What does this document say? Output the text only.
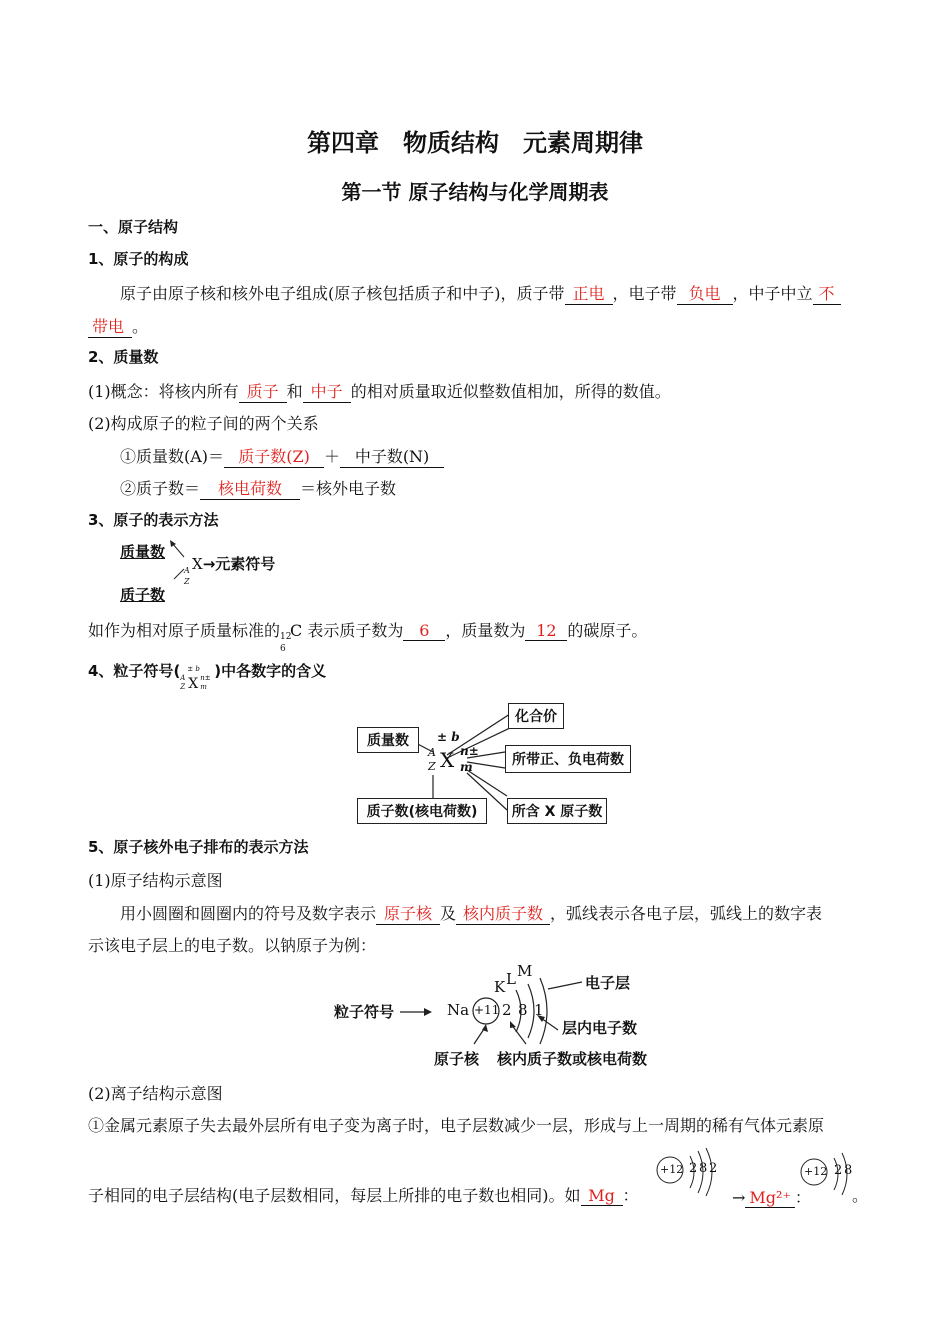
第四章　物质结构　元素周期律
第一节 原子结构与化学周期表
一、原子结构
1、原子的构成
原子由原子核和核外电子组成(原子核包括质子和中子)，质子带 正电 ，电子带 负电 ，中子中立 不
带电 。
2、质量数
(1)概念：将核内所有 质子 和 中子 的相对质量取近似整数值相加，所得的数值。
(2)构成原子的粒子间的两个关系
①质量数(A)＝ 质子数(Z) ＋ 中子数(N)
②质子数＝ 核电荷数 ＝核外电子数
3、原子的表示方法
质量数
质子数
A
Z
X→元素符号
如作为相对原子质量标准的 12
6
C 表示质子数为 6 ，质量数为 12 的碳原子。
4、粒子符号( A
Z
± b
X n±
m
)中各数字的含义
质量数
化合价
所带正、负电荷数
质子数(核电荷数)	所含 X 原子数
± b
A
Z X n±
m
5、原子核外电子排布的表示方法
(1)原子结构示意图
用小圆圈和圆圈内的符号及数字表示 原子核 及 核内质子数 ，弧线表示各电子层，弧线上的数字表
示该电子层上的电子数。以钠原子为例：
粒子符号	Na +11 2 8 1
K L M
电子层
层内电子数
原子核 核内质子数或核电荷数
(2)离子结构示意图
①金属元素原子失去最外层所有电子变为离子时，电子层数减少一层，形成与上一周期的稀有气体元素原
子相同的电子层结构(电子层数相同，每层上所排的电子数也相同)。如 Mg ：
+12 2 8 2
→ Mg²⁺ ：
+12 2 8
。
